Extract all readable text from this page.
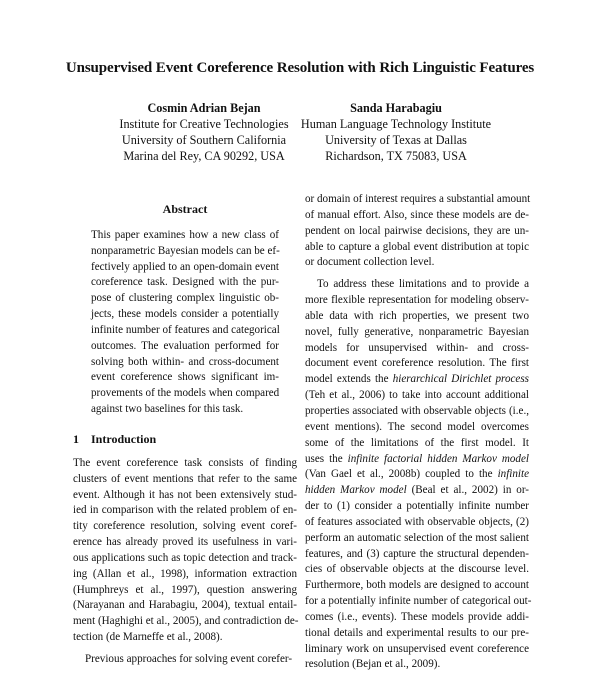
Unsupervised Event Coreference Resolution with Rich Linguistic Features
Cosmin Adrian Bejan
Institute for Creative Technologies
University of Southern California
Marina del Rey, CA 90292, USA
Sanda Harabagiu
Human Language Technology Institute
University of Texas at Dallas
Richardson, TX 75083, USA
Abstract
This paper examines how a new class of
nonparametric Bayesian models can be ef-
fectively applied to an open-domain event
coreference task. Designed with the pur-
pose of clustering complex linguistic ob-
jects, these models consider a potentially
infinite number of features and categorical
outcomes. The evaluation performed for
solving both within- and cross-document
event coreference shows significant im-
provements of the models when compared
against two baselines for this task.
1 Introduction
The event coreference task consists of finding
clusters of event mentions that refer to the same
event. Although it has not been extensively stud-
ied in comparison with the related problem of en-
tity coreference resolution, solving event coref-
erence has already proved its usefulness in vari-
ous applications such as topic detection and track-
ing (Allan et al., 1998), information extraction
(Humphreys et al., 1997), question answering
(Narayanan and Harabagiu, 2004), textual entail-
ment (Haghighi et al., 2005), and contradiction de-
tection (de Marneffe et al., 2008).
Previous approaches for solving event corefer-
or domain of interest requires a substantial amount
of manual effort. Also, since these models are de-
pendent on local pairwise decisions, they are un-
able to capture a global event distribution at topic
or document collection level.
To address these limitations and to provide a
more flexible representation for modeling observ-
able data with rich properties, we present two
novel, fully generative, nonparametric Bayesian
models for unsupervised within- and cross-
document event coreference resolution. The first
model extends the hierarchical Dirichlet process
(Teh et al., 2006) to take into account additional
properties associated with observable objects (i.e.,
event mentions). The second model overcomes
some of the limitations of the first model. It
uses the infinite factorial hidden Markov model
(Van Gael et al., 2008b) coupled to the infinite
hidden Markov model (Beal et al., 2002) in or-
der to (1) consider a potentially infinite number
of features associated with observable objects, (2)
perform an automatic selection of the most salient
features, and (3) capture the structural dependen-
cies of observable objects at the discourse level.
Furthermore, both models are designed to account
for a potentially infinite number of categorical out-
comes (i.e., events). These models provide addi-
tional details and experimental results to our pre-
liminary work on unsupervised event coreference
resolution (Bejan et al., 2009).
